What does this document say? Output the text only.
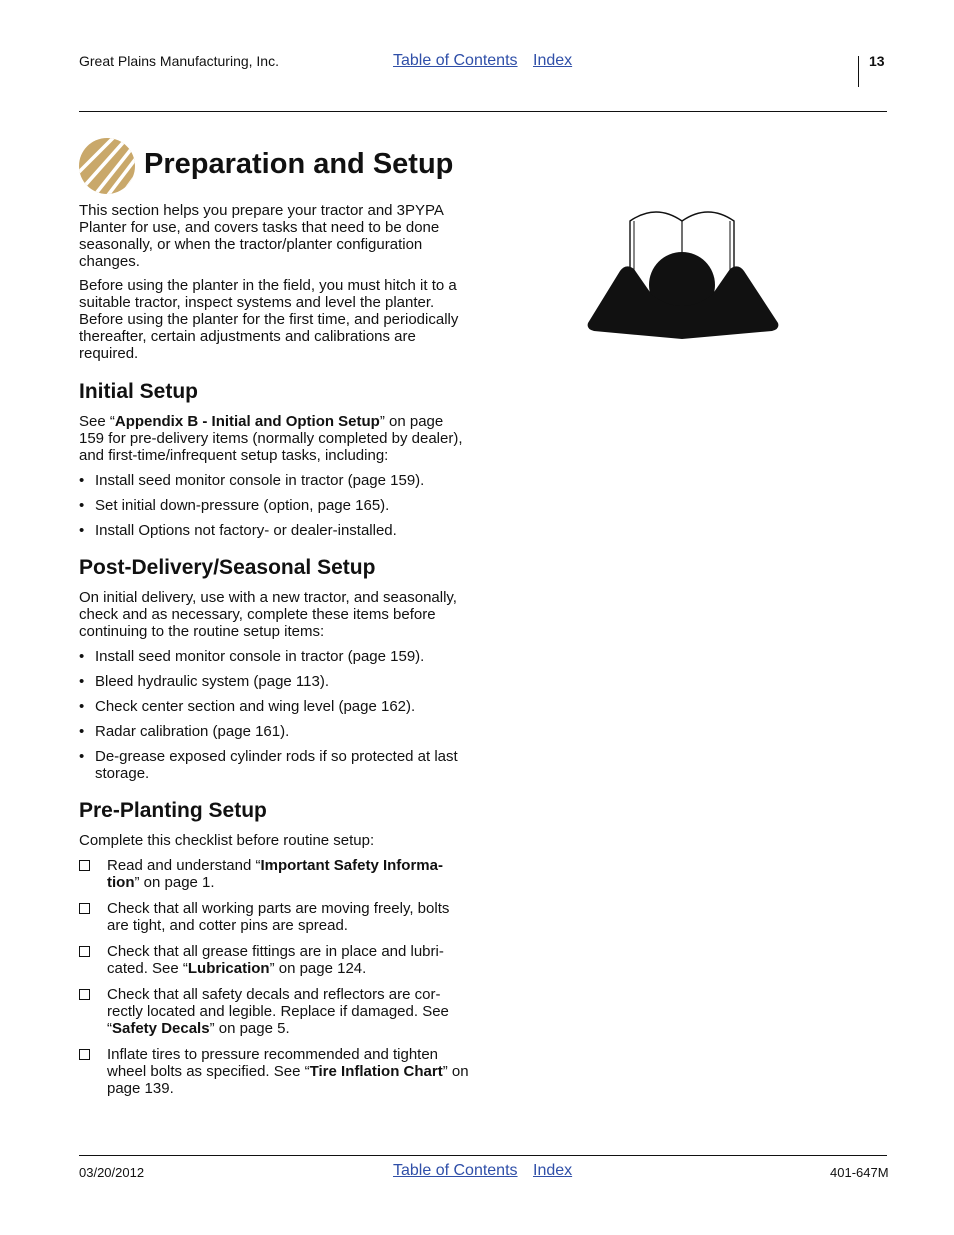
Great Plains Manufacturing, Inc.	Table of Contents Index	13
Preparation and Setup

This section helps you prepare your tractor and 3PYPA Planter for use, and covers tasks that need to be done seasonally, or when the tractor/planter configuration changes.

Before using the planter in the field, you must hitch it to a suitable tractor, inspect systems and level the planter. Before using the planter for the first time, and periodically thereafter, certain adjustments and calibrations are required.

Initial Setup

See “Appendix B - Initial and Option Setup” on page 159 for pre-delivery items (normally completed by dealer), and first-time/infrequent setup tasks, including:

• Install seed monitor console in tractor (page 159).
• Set initial down-pressure (option, page 165).
• Install Options not factory- or dealer-installed.
Post-Delivery/Seasonal Setup

On initial delivery, use with a new tractor, and seasonally, check and as necessary, complete these items before continuing to the routine setup items:

• Install seed monitor console in tractor (page 159).
• Bleed hydraulic system (page 113).
• Check center section and wing level (page 162).
• Radar calibration (page 161).
• De-grease exposed cylinder rods if so protected at last storage.
Pre-Planting Setup

Complete this checklist before routine setup:

Read and understand “Important Safety Informa-tion” on page 1.
Check that all working parts are moving freely, bolts are tight, and cotter pins are spread.
Check that all grease fittings are in place and lubri-cated. See “Lubrication” on page 124.
Check that all safety decals and reflectors are cor-rectly located and legible. Replace if damaged. See “Safety Decals” on page 5.
Inflate tires to pressure recommended and tighten wheel bolts as specified. See “Tire Inflation Chart” on page 139.
03/20/2012	Table of Contents Index	401-647M
